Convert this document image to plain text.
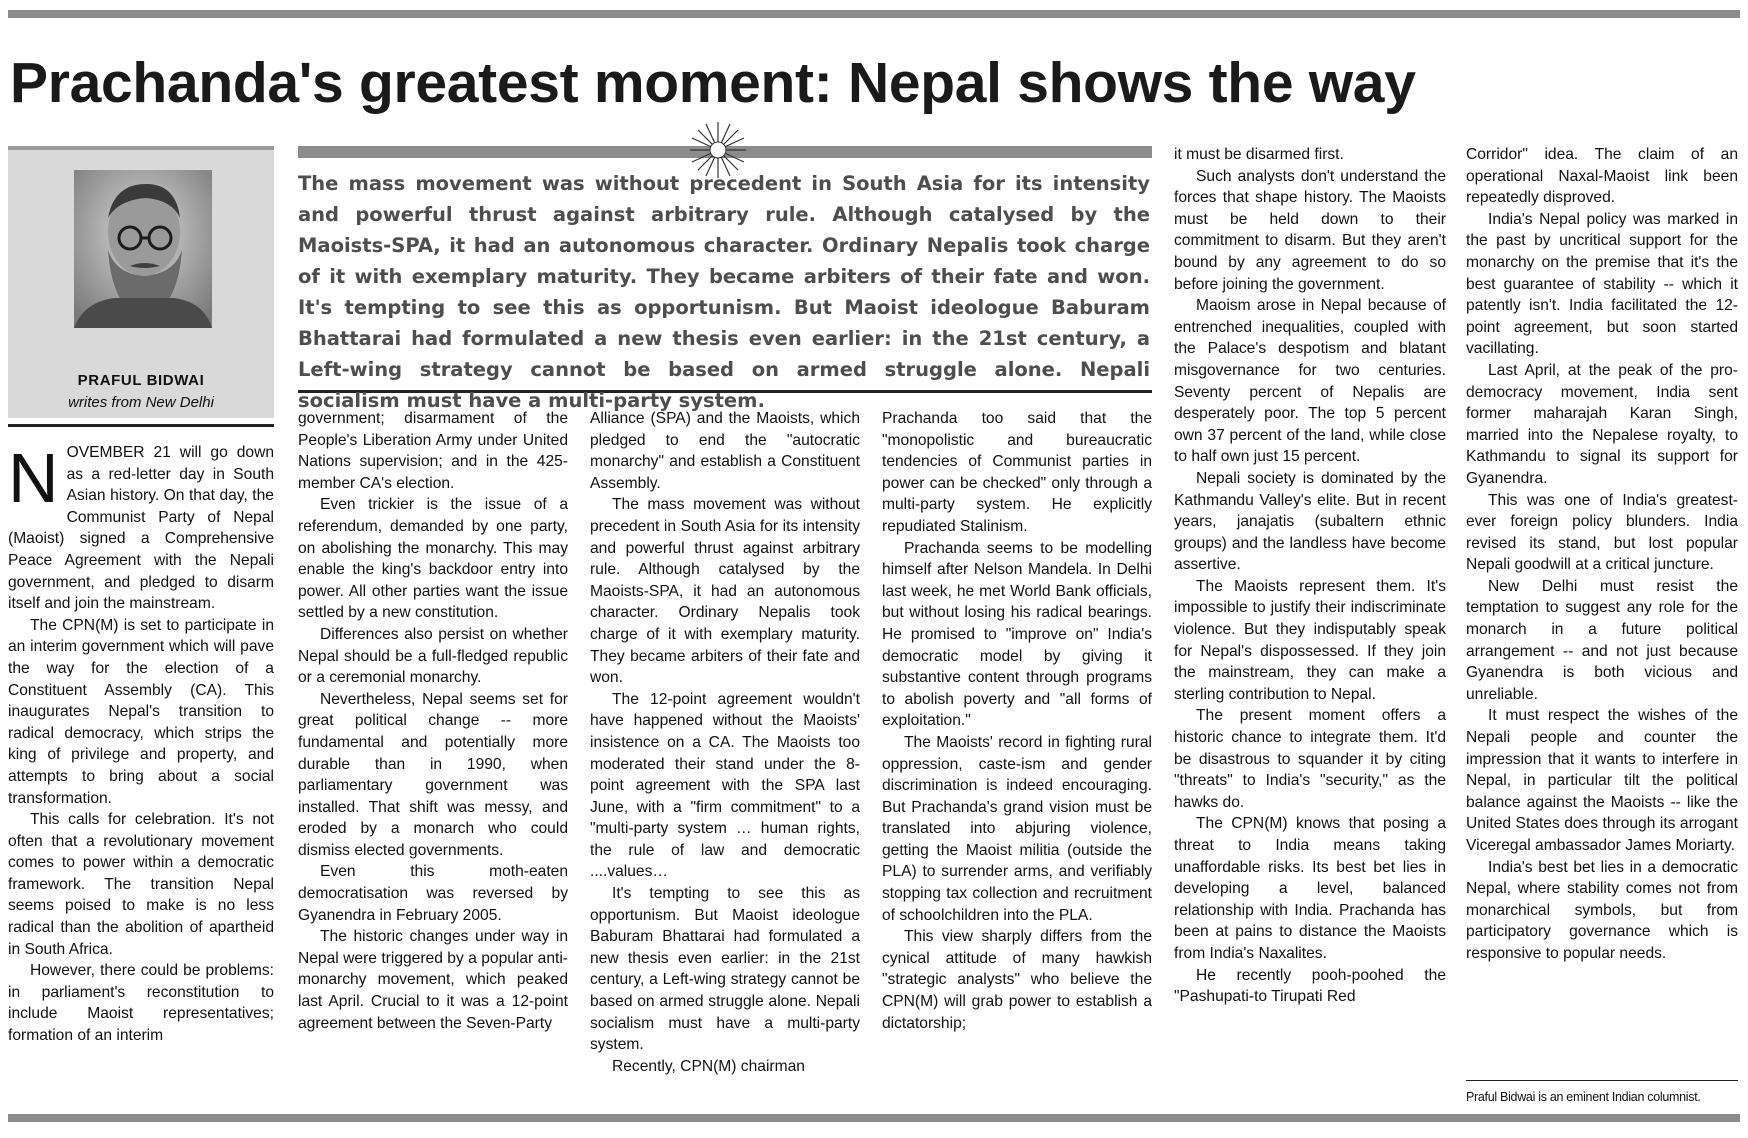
Prachanda's greatest moment: Nepal shows the way
PRAFUL BIDWAI
writes from New Delhi
The mass movement was without precedent in South Asia for its intensity and powerful thrust against arbitrary rule. Although catalysed by the Maoists-SPA, it had an autonomous character. Ordinary Nepalis took charge of it with exemplary maturity. They became arbiters of their fate and won. It's tempting to see this as opportunism. But Maoist ideologue Baburam Bhattarai had formulated a new thesis even earlier: in the 21st century, a Left-wing strategy cannot be based on armed struggle alone. Nepali socialism must have a multi-party system.

NOVEMBER 21 will go down as a red-letter day in South Asian history. On that day, the Communist Party of Nepal (Maoist) signed a Comprehensive Peace Agreement with the Nepali government, and pledged to disarm itself and join the mainstream.

The CPN(M) is set to participate in an interim government which will pave the way for the election of a Constituent Assembly (CA). This inaugurates Nepal's transition to radical democracy, which strips the king of privilege and property, and attempts to bring about a social transformation.

This calls for celebration. It's not often that a revolutionary movement comes to power within a democratic framework. The transition Nepal seems poised to make is no less radical than the abolition of apartheid in South Africa.

However, there could be problems: in parliament's reconstitution to include Maoist representatives; formation of an interim

government; disarmament of the People's Liberation Army under United Nations supervision; and in the 425-member CA's election.

Even trickier is the issue of a referendum, demanded by one party, on abolishing the monarchy. This may enable the king's backdoor entry into power. All other parties want the issue settled by a new constitution.

Differences also persist on whether Nepal should be a full-fledged republic or a ceremonial monarchy.

Nevertheless, Nepal seems set for great political change -- more fundamental and potentially more durable than in 1990, when parliamentary government was installed. That shift was messy, and eroded by a monarch who could dismiss elected governments.

Even this moth-eaten democratisation was reversed by Gyanendra in February 2005.

The historic changes under way in Nepal were triggered by a popular anti-monarchy movement, which peaked last April. Crucial to it was a 12-point agreement between the Seven-Party

Alliance (SPA) and the Maoists, which pledged to end the "autocratic monarchy" and establish a Constituent Assembly.

The mass movement was without precedent in South Asia for its intensity and powerful thrust against arbitrary rule. Although catalysed by the Maoists-SPA, it had an autonomous character. Ordinary Nepalis took charge of it with exemplary maturity. They became arbiters of their fate and won.

The 12-point agreement wouldn't have happened without the Maoists' insistence on a CA. The Maoists too moderated their stand under the 8-point agreement with the SPA last June, with a "firm commitment" to a "multi-party system … human rights, the rule of law and democratic ....values…

It's tempting to see this as opportunism. But Maoist ideologue Baburam Bhattarai had formulated a new thesis even earlier: in the 21st century, a Left-wing strategy cannot be based on armed struggle alone. Nepali socialism must have a multi-party system.

Recently, CPN(M) chairman

Prachanda too said that the "monopolistic and bureaucratic tendencies of Communist parties in power can be checked" only through a multi-party system. He explicitly repudiated Stalinism.

Prachanda seems to be modelling himself after Nelson Mandela. In Delhi last week, he met World Bank officials, but without losing his radical bearings. He promised to "improve on" India's democratic model by giving it substantive content through programs to abolish poverty and "all forms of exploitation."

The Maoists' record in fighting rural oppression, caste-ism and gender discrimination is indeed encouraging. But Prachanda's grand vision must be translated into abjuring violence, getting the Maoist militia (outside the PLA) to surrender arms, and verifiably stopping tax collection and recruitment of schoolchildren into the PLA.

This view sharply differs from the cynical attitude of many hawkish "strategic analysts" who believe the CPN(M) will grab power to establish a dictatorship;

it must be disarmed first.

Such analysts don't understand the forces that shape history. The Maoists must be held down to their commitment to disarm. But they aren't bound by any agreement to do so before joining the government.

Maoism arose in Nepal because of entrenched inequalities, coupled with the Palace's despotism and blatant misgovernance for two centuries. Seventy percent of Nepalis are desperately poor. The top 5 percent own 37 percent of the land, while close to half own just 15 percent.

Nepali society is dominated by the Kathmandu Valley's elite. But in recent years, janajatis (subaltern ethnic groups) and the landless have become assertive.

The Maoists represent them. It's impossible to justify their indiscriminate violence. But they indisputably speak for Nepal's dispossessed. If they join the mainstream, they can make a sterling contribution to Nepal.

The present moment offers a historic chance to integrate them. It'd be disastrous to squander it by citing "threats" to India's "security," as the hawks do.

The CPN(M) knows that posing a threat to India means taking unaffordable risks. Its best bet lies in developing a level, balanced relationship with India. Prachanda has been at pains to distance the Maoists from India's Naxalites.

He recently pooh-poohed the "Pashupati-to Tirupati Red

Corridor" idea. The claim of an operational Naxal-Maoist link been repeatedly disproved.

India's Nepal policy was marked in the past by uncritical support for the monarchy on the premise that it's the best guarantee of stability -- which it patently isn't. India facilitated the 12-point agreement, but soon started vacillating.

Last April, at the peak of the pro-democracy movement, India sent former maharajah Karan Singh, married into the Nepalese royalty, to Kathmandu to signal its support for Gyanendra.

This was one of India's greatest-ever foreign policy blunders. India revised its stand, but lost popular Nepali goodwill at a critical juncture.

New Delhi must resist the temptation to suggest any role for the monarch in a future political arrangement -- and not just because Gyanendra is both vicious and unreliable.

It must respect the wishes of the Nepali people and counter the impression that it wants to interfere in Nepal, in particular tilt the political balance against the Maoists -- like the United States does through its arrogant Viceregal ambassador James Moriarty.

India's best bet lies in a democratic Nepal, where stability comes not from monarchical symbols, but from participatory governance which is responsive to popular needs.

Praful Bidwai is an eminent Indian columnist.
